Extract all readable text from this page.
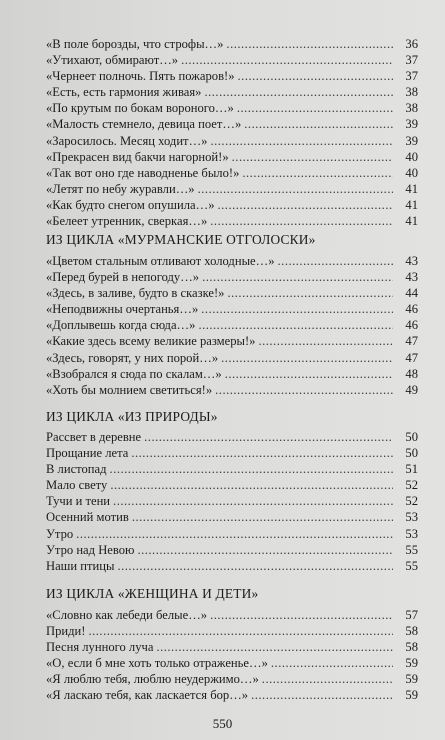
«В поле борозды, что строфы…» .....	36
«Утихают, обмирают…» .....	37
«Чернеет полночь. Пять пожаров!» .....	37
«Есть, есть гармония живая» .....	38
«По крутым по бокам вороного…» .....	38
«Малость стемнело, девица поет…» .....	39
«Заросилось. Месяц ходит…» .....	39
«Прекрасен вид бакчи нагорной!» .....	40
«Так вот оно где наводненье было!» .....	40
«Летят по небу журавли…» .....	41
«Как будто снегом опушила…» .....	41
«Белеет утренник, сверкая…» .....	41
ИЗ ЦИКЛА «МУРМАНСКИЕ ОТГОЛОСКИ»
«Цветом стальным отливают холодные…» .....	43
«Перед бурей в непогоду…» .....	43
«Здесь, в заливе, будто в сказке!» .....	44
«Неподвижны очертанья…» .....	46
«Доплывешь когда сюда…» .....	46
«Какие здесь всему великие размеры!» .....	47
«Здесь, говорят, у них порой…» .....	47
«Взобрался я сюда по скалам…» .....	48
«Хоть бы молнием светиться!» .....	49
ИЗ ЦИКЛА «ИЗ ПРИРОДЫ»
Рассвет в деревне .....	50
Прощание лета .....	50
В листопад .....	51
Мало свету .....	52
Тучи и тени .....	52
Осенний мотив .....	53
Утро .....	53
Утро над Невою .....	55
Наши птицы .....	55
ИЗ ЦИКЛА «ЖЕНЩИНА И ДЕТИ»
«Словно как лебеди белые…» .....	57
Приди! .....	58
Песня лунного луча .....	58
«О, если б мне хоть только отраженье…» .....	59
«Я люблю тебя, люблю неудержимо…» .....	59
«Я ласкаю тебя, как ласкается бор…» .....	59
550
